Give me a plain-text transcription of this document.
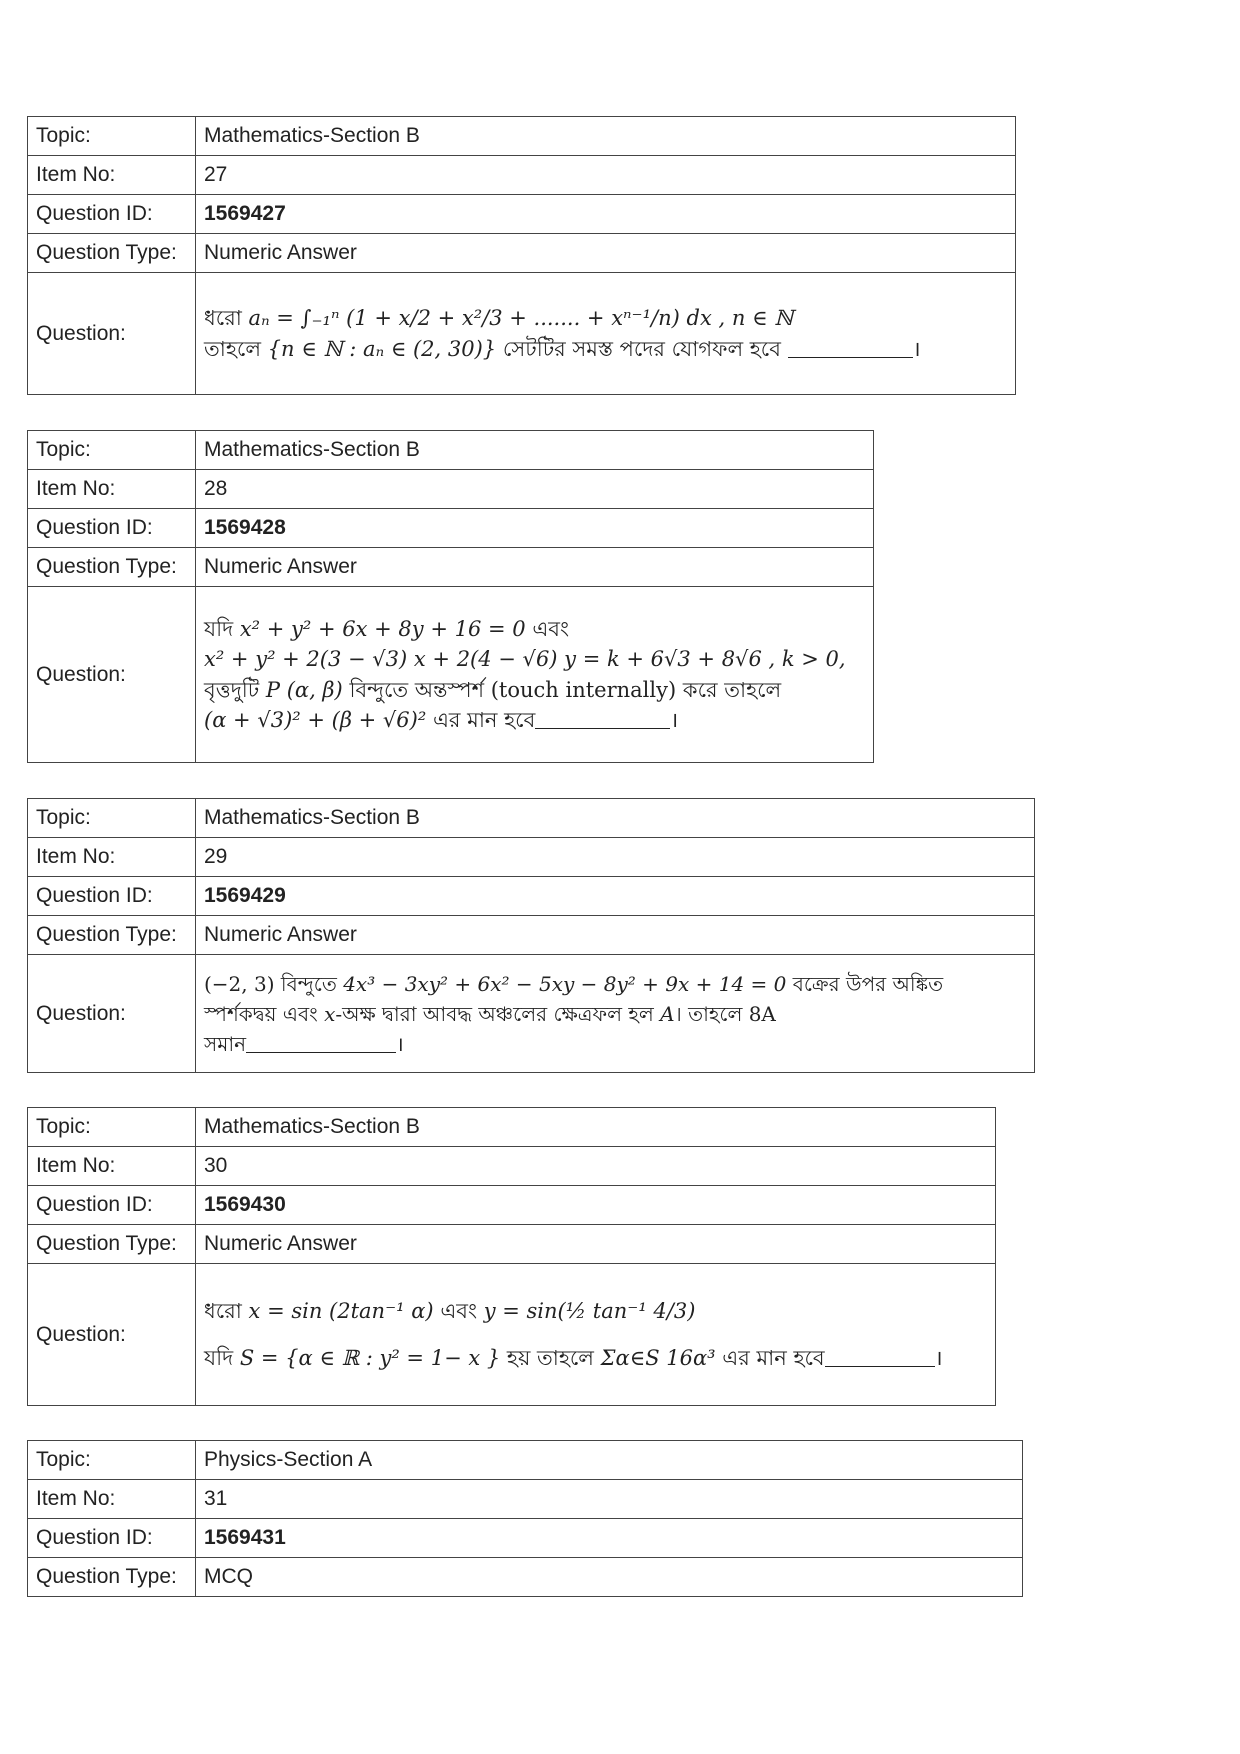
Topic:	Mathematics-Section B
Item No:	27
Question ID:	1569427
Question Type:	Numeric Answer
Question:	ধরো aₙ = ∫₋₁ⁿ (1 + x/2 + x²/3 + ....... + xⁿ⁻¹/n) dx , n ∈ ℕ
তাহলে {n ∈ ℕ : aₙ ∈ (2, 30)} সেটটির সমস্ত পদের যোগফল হবে ।
Topic:	Mathematics-Section B
Item No:	28
Question ID:	1569428
Question Type:	Numeric Answer
Question:	যদি x² + y² + 6x + 8y + 16 = 0 এবং
x² + y² + 2(3 − √3) x + 2(4 − √6) y = k + 6√3 + 8√6 , k > 0,
বৃত্তদুটি P (α, β) বিন্দুতে অন্তস্পর্শ (touch internally) করে তাহলে
(α + √3)² + (β + √6)² এর মান হবে ।
Topic:	Mathematics-Section B
Item No:	29
Question ID:	1569429
Question Type:	Numeric Answer
Question:	(−2, 3) বিন্দুতে 4x³ − 3xy² + 6x² − 5xy − 8y² + 9x + 14 = 0 বক্রের উপর অঙ্কিত
স্পর্শকদ্বয় এবং x-অক্ষ দ্বারা আবদ্ধ অঞ্চলের ক্ষেত্রফল হল A। তাহলে 8A
সমান ।
Topic:	Mathematics-Section B
Item No:	30
Question ID:	1569430
Question Type:	Numeric Answer
Question:	ধরো x = sin (2tan⁻¹ α) এবং y = sin(½ tan⁻¹ 4/3)
যদি S = {α ∈ ℝ : y² = 1− x } হয় তাহলে Σα∈S 16α³ এর মান হবে ।
Topic:	Physics-Section A
Item No:	31
Question ID:	1569431
Question Type:	MCQ
